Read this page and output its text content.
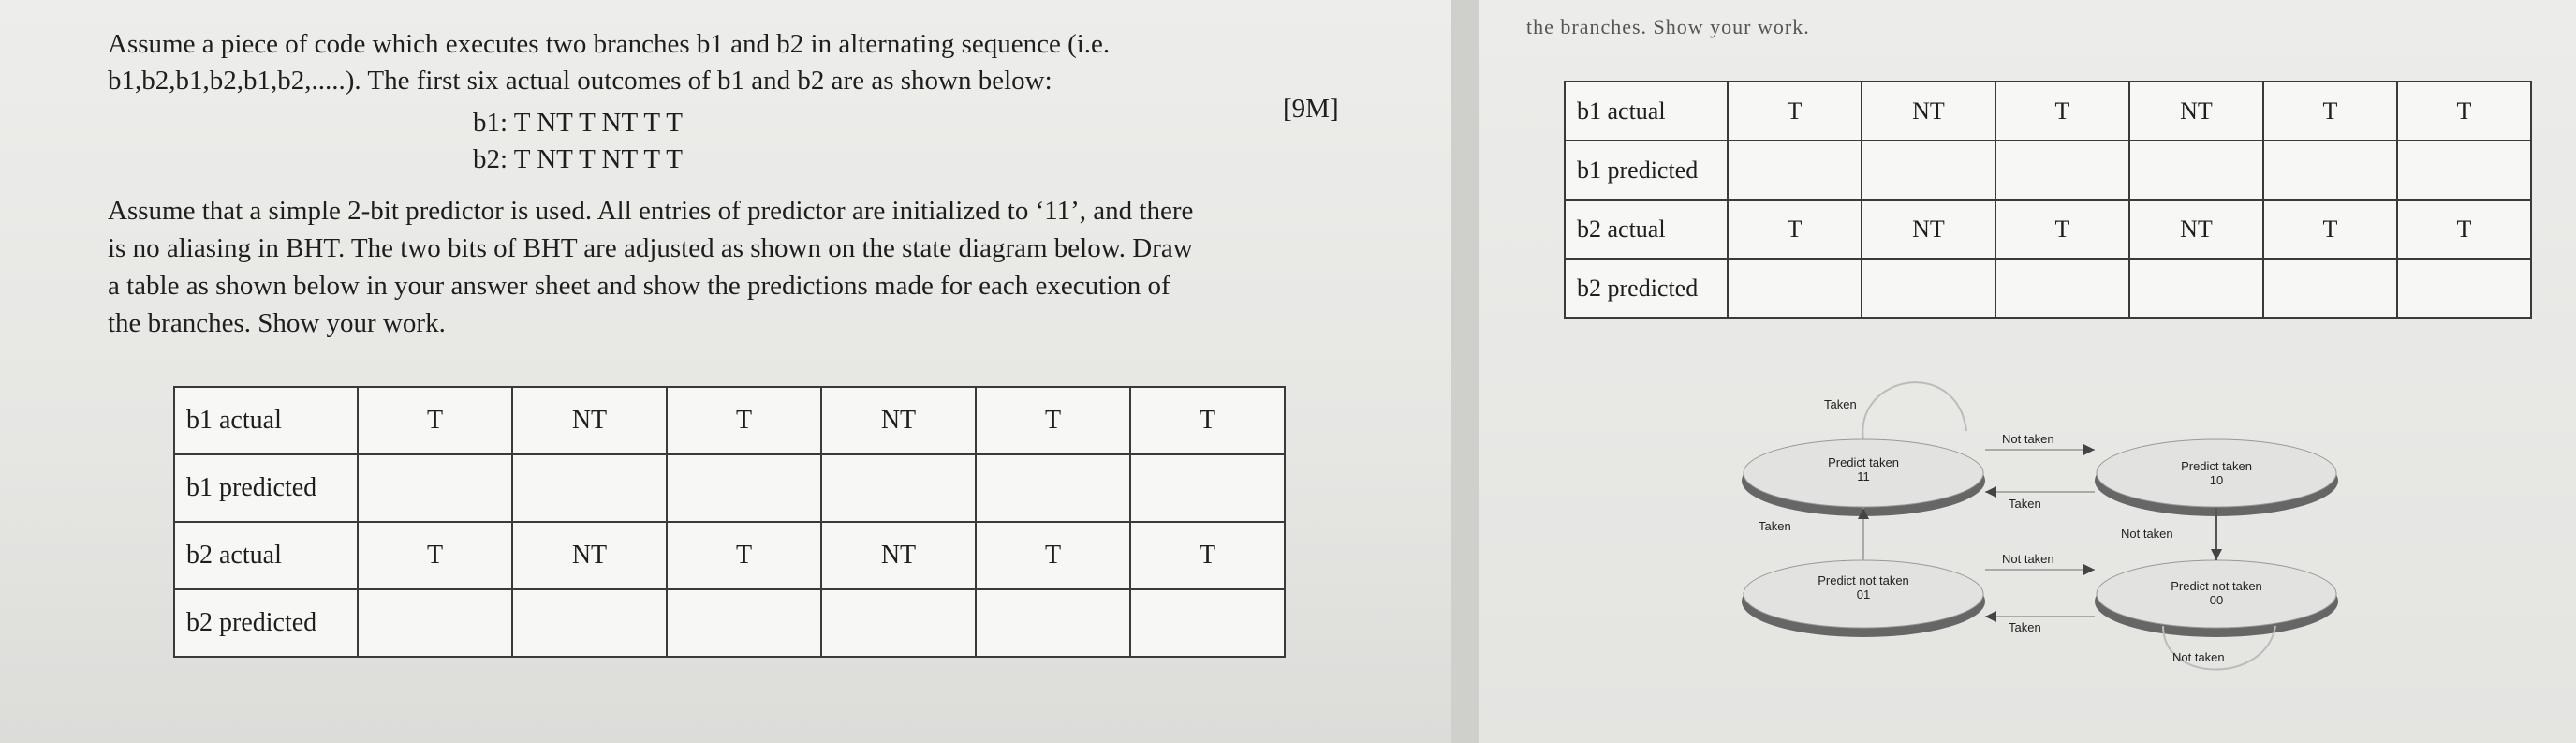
Assume a piece of code which executes two branches b1 and b2 in alternating sequence (i.e.
b1,b2,b1,b2,b1,b2,.....). The first six actual outcomes of b1 and b2 are as shown below:
[9M]
b1: T NT T NT T T
b2: T NT T NT T T
Assume that a simple 2-bit predictor is used. All entries of predictor are initialized to ‘11’, and there
is no aliasing in BHT. The two bits of BHT are adjusted as shown on the state diagram below. Draw
a table as shown below in your answer sheet and show the predictions made for each execution of
the branches. Show your work.
b1 actual	T	NT	T	NT	T	T
b1 predicted						
b2 actual	T	NT	T	NT	T	T
b2 predicted						
the branches. Show your work.
b1 actual	T	NT	T	NT	T	T
b1 predicted						
b2 actual	T	NT	T	NT	T	T
b2 predicted						
Taken
Predict taken
11
Predict taken
10
Predict not taken
01
Predict not taken
00
Not taken
Taken
Taken
Not taken
Not taken
Taken
Not taken
